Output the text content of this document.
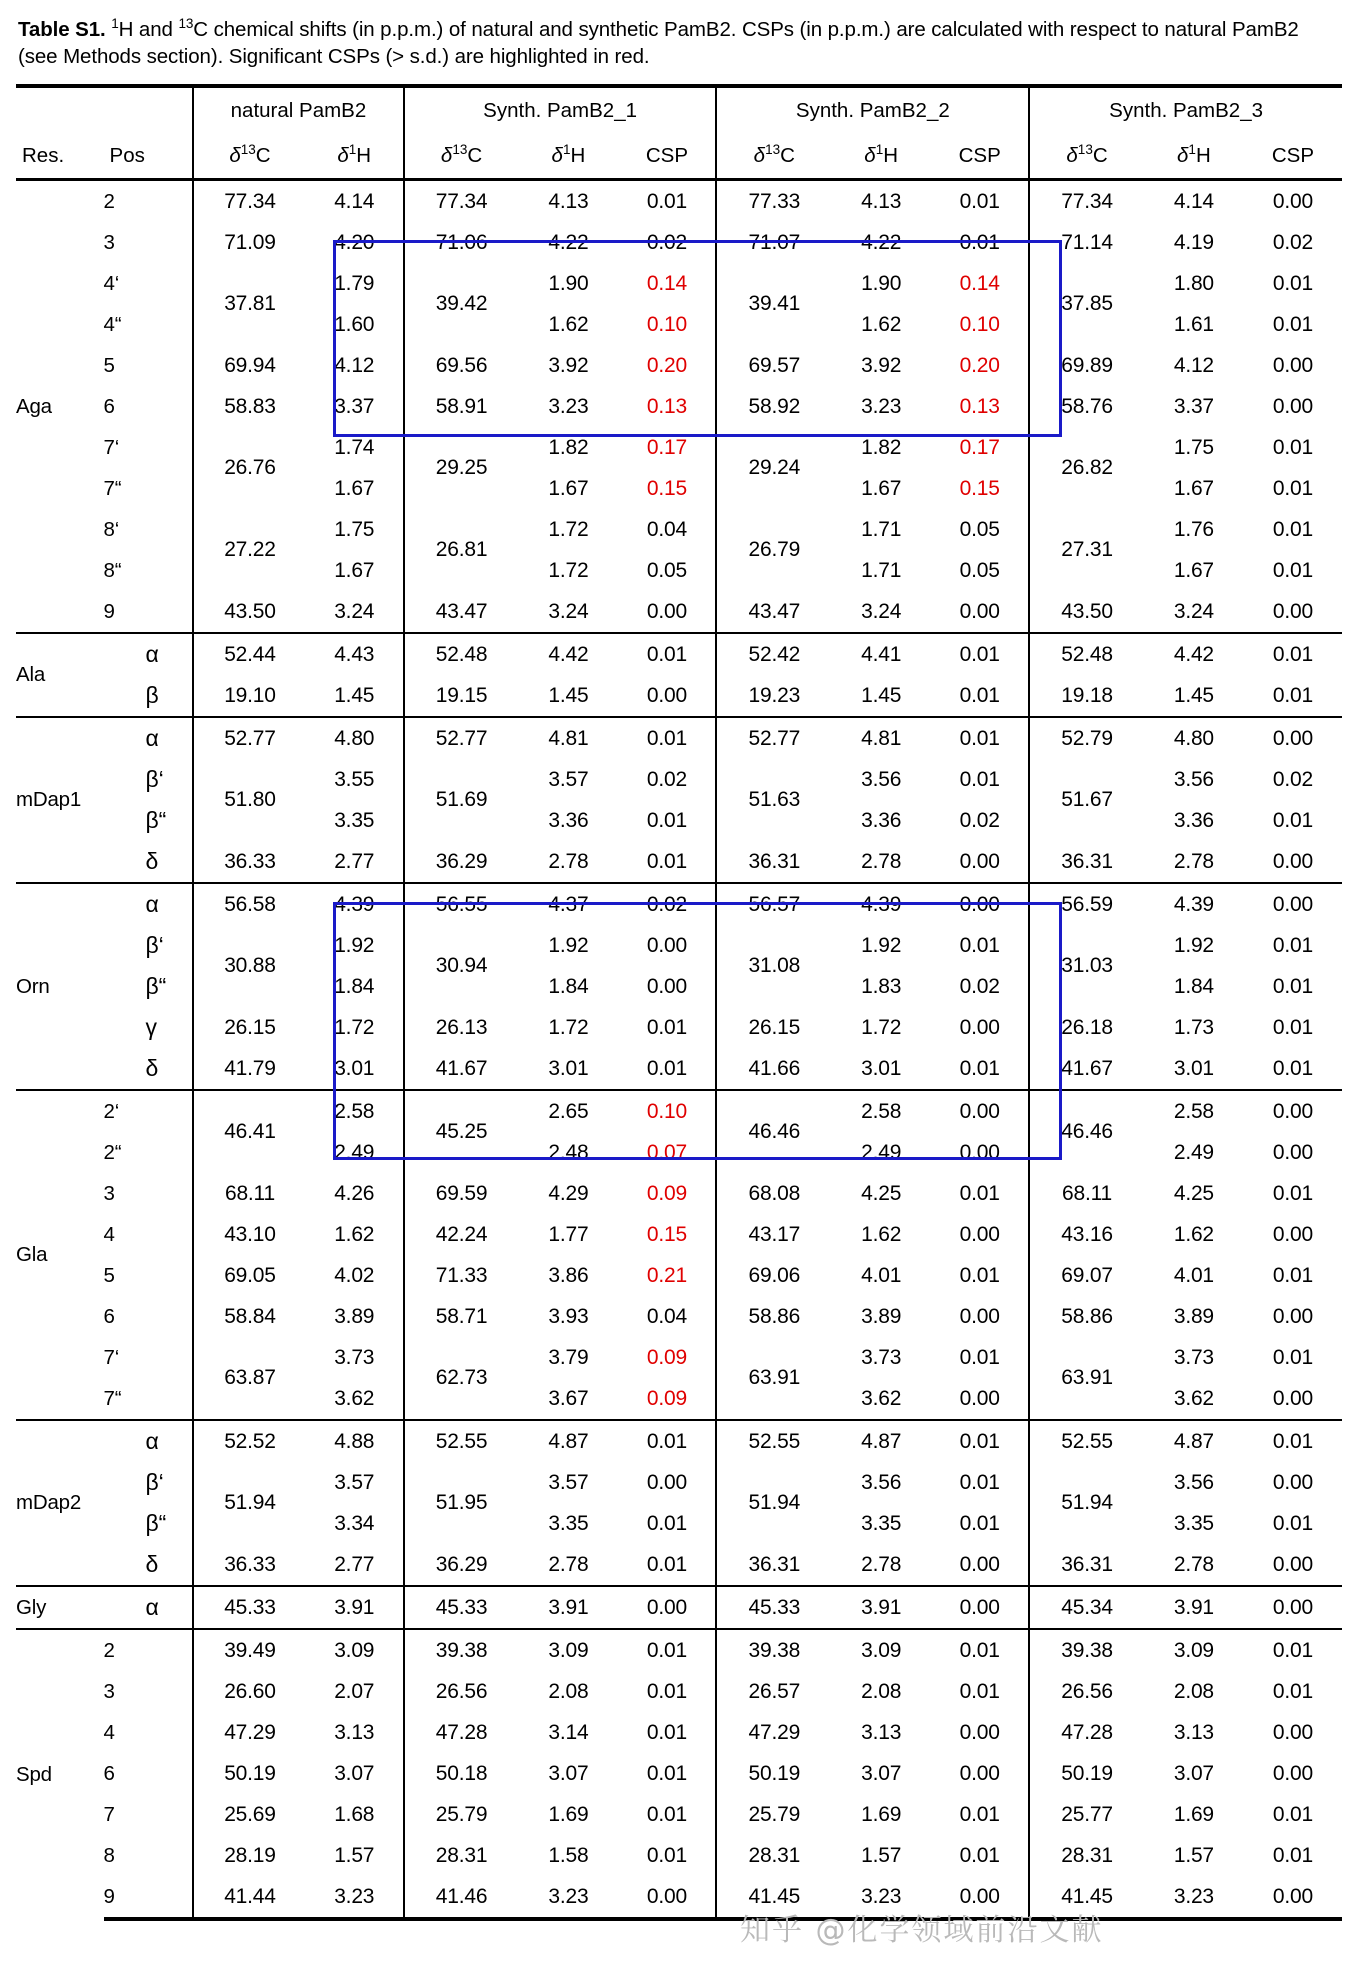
Table S1. $^1$H and $^{13}$C chemical shifts (in p.p.m.) of natural and synthetic PamB2. CSPs (in p.p.m.) are calculated with respect to natural PamB2 (see Methods section). Significant CSPs (> s.d.) are highlighted in red.
		natural PamB2		Synth. PamB2_1			Synth. PamB2_2			Synth. PamB2_3		
Res.	Pos	$\delta^{13}C$	$\delta^1H$	$\delta^{13}C$	$\delta^1H$	CSP	$\delta^{13}C$	$\delta^1H$	CSP	$\delta^{13}C$	$\delta^1H$	CSP
Aga	2	77.34	4.14	77.34	4.13	0.01	77.33	4.13	0.01	77.34	4.14	0.00
	3	71.09	4.20	71.06	4.22	0.02	71.07	4.22	0.01	71.14	4.19	0.02
	4‘	37.81	1.79	39.42	1.90	0.14	39.41	1.90	0.14	37.85	1.80	0.01
	4“		1.60		1.62	0.10		1.62	0.10		1.61	0.01
	5	69.94	4.12	69.56	3.92	0.20	69.57	3.92	0.20	69.89	4.12	0.00
	6	58.83	3.37	58.91	3.23	0.13	58.92	3.23	0.13	58.76	3.37	0.00
	7‘	26.76	1.74	29.25	1.82	0.17	29.24	1.82	0.17	26.82	1.75	0.01
	7“		1.67		1.67	0.15		1.67	0.15		1.67	0.01
	8‘	27.22	1.75	26.81	1.72	0.04	26.79	1.71	0.05	27.31	1.76	0.01
	8“		1.67		1.72	0.05		1.71	0.05		1.67	0.01
	9	43.50	3.24	43.47	3.24	0.00	43.47	3.24	0.00	43.50	3.24	0.00
Ala	α	52.44	4.43	52.48	4.42	0.01	52.42	4.41	0.01	52.48	4.42	0.01
	β	19.10	1.45	19.15	1.45	0.00	19.23	1.45	0.01	19.18	1.45	0.01
mDap1	α	52.77	4.80	52.77	4.81	0.01	52.77	4.81	0.01	52.79	4.80	0.00
	β‘	51.80	3.55	51.69	3.57	0.02	51.63	3.56	0.01	51.67	3.56	0.02
	β“		3.35		3.36	0.01		3.36	0.02		3.36	0.01
	δ	36.33	2.77	36.29	2.78	0.01	36.31	2.78	0.00	36.31	2.78	0.00
Orn	α	56.58	4.39	56.55	4.37	0.02	56.57	4.39	0.00	56.59	4.39	0.00
	β‘	30.88	1.92	30.94	1.92	0.00	31.08	1.92	0.01	31.03	1.92	0.01
	β“		1.84		1.84	0.00		1.83	0.02		1.84	0.01
	γ	26.15	1.72	26.13	1.72	0.01	26.15	1.72	0.00	26.18	1.73	0.01
	δ	41.79	3.01	41.67	3.01	0.01	41.66	3.01	0.01	41.67	3.01	0.01
Gla	2‘	46.41	2.58	45.25	2.65	0.10	46.46	2.58	0.00	46.46	2.58	0.00
	2“		2.49		2.48	0.07		2.49	0.00		2.49	0.00
	3	68.11	4.26	69.59	4.29	0.09	68.08	4.25	0.01	68.11	4.25	0.01
	4	43.10	1.62	42.24	1.77	0.15	43.17	1.62	0.00	43.16	1.62	0.00
	5	69.05	4.02	71.33	3.86	0.21	69.06	4.01	0.01	69.07	4.01	0.01
	6	58.84	3.89	58.71	3.93	0.04	58.86	3.89	0.00	58.86	3.89	0.00
	7‘	63.87	3.73	62.73	3.79	0.09	63.91	3.73	0.01	63.91	3.73	0.01
	7“		3.62		3.67	0.09		3.62	0.00		3.62	0.00
mDap2	α	52.52	4.88	52.55	4.87	0.01	52.55	4.87	0.01	52.55	4.87	0.01
	β‘	51.94	3.57	51.95	3.57	0.00	51.94	3.56	0.01	51.94	3.56	0.00
	β“		3.34		3.35	0.01		3.35	0.01		3.35	0.01
	δ	36.33	2.77	36.29	2.78	0.01	36.31	2.78	0.00	36.31	2.78	0.00
Gly	α	45.33	3.91	45.33	3.91	0.00	45.33	3.91	0.00	45.34	3.91	0.00
Spd	2	39.49	3.09	39.38	3.09	0.01	39.38	3.09	0.01	39.38	3.09	0.01
	3	26.60	2.07	26.56	2.08	0.01	26.57	2.08	0.01	26.56	2.08	0.01
	4	47.29	3.13	47.28	3.14	0.01	47.29	3.13	0.00	47.28	3.13	0.00
	6	50.19	3.07	50.18	3.07	0.01	50.19	3.07	0.00	50.19	3.07	0.00
	7	25.69	1.68	25.79	1.69	0.01	25.79	1.69	0.01	25.77	1.69	0.01
	8	28.19	1.57	28.31	1.58	0.01	28.31	1.57	0.01	28.31	1.57	0.01
	9	41.44	3.23	41.46	3.23	0.00	41.45	3.23	0.00	41.45	3.23	0.00
知乎 @化学领域前沿文献
